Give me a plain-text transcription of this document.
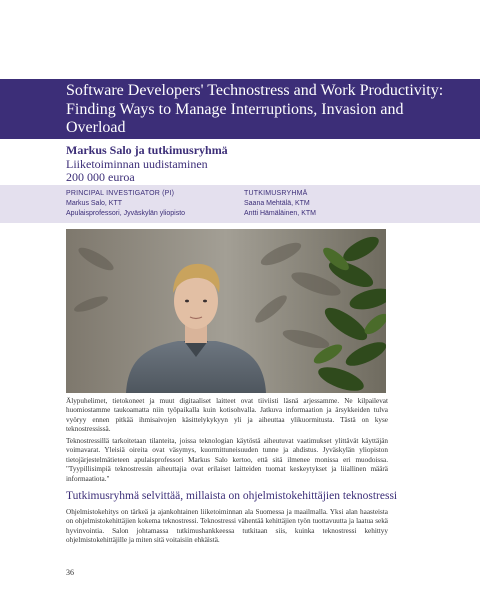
Software Developers' Technostress and Work Productivity: Finding Ways to Manage Interruptions, Invasion and Overload
Markus Salo ja tutkimusryhmä
Liiketoiminnan uudistaminen
200 000 euroa
PRINCIPAL INVESTIGATOR (PI)
Markus Salo, KTT
Apulaisprofessori, Jyväskylän yliopisto
TUTKIMUSRYHMÄ
Saana Mehtälä, KTM
Antti Hämäläinen, KTM

Älypuhelimet, tietokoneet ja muut digitaaliset laitteet ovat tiiviisti läsnä arjessamme. Ne kilpailevat huomiostamme taukoamatta niin työpaikalla kuin kotisohvalla. Jatkuva informaation ja ärsykkeiden tulva vyöryy ennen pitkää ihmisaivojen käsittelykykyyn yli ja aiheuttaa ylikuormitusta. Tästä on kyse teknostressissä.

Teknostressillä tarkoitetaan tilanteita, joissa teknologian käytöstä aiheutuvat vaatimukset ylittävät käyttäjän voimavarat. Yleisiä oireita ovat väsymys, kuormittuneisuuden tunne ja ahdistus. Jyväskylän yliopiston tietojärjestelmätieteen apulaisprofessori Markus Salo kertoo, että sitä ilmenee monissa eri muodoissa. "Tyypillisimpiä teknostressin aiheuttajia ovat erilaiset laitteiden tuomat keskeytykset ja liiallinen määrä informaatiota."

Tutkimusryhmä selvittää, millaista on ohjelmistokehittäjien teknostressi

Ohjelmistokehitys on tärkeä ja ajankohtainen liiketoiminnan ala Suomessa ja maailmalla. Yksi alan haasteista on ohjelmistokehittäjien kokema teknostressi. Teknostressi vähentää kehittäjien työn tuottavuutta ja laatua sekä hyvinvointia. Salon johtamassa tutkimushankkeessa tutkitaan siis, kuinka teknostressi kehittyy ohjelmistokehittäjille ja miten sitä voitaisiin ehkäistä.

36
